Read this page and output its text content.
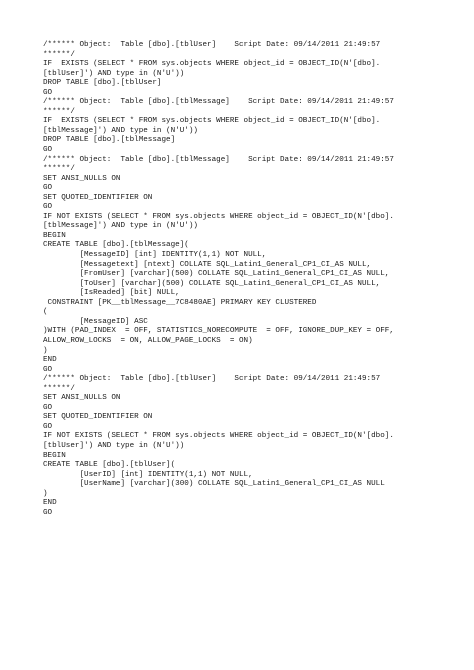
/****** Object:  Table [dbo].[tblUser]    Script Date: 09/14/2011 21:49:57
******/
IF  EXISTS (SELECT * FROM sys.objects WHERE object_id = OBJECT_ID(N'[dbo].
[tblUser]') AND type in (N'U'))
DROP TABLE [dbo].[tblUser]
GO
/****** Object:  Table [dbo].[tblMessage]    Script Date: 09/14/2011 21:49:57
******/
IF  EXISTS (SELECT * FROM sys.objects WHERE object_id = OBJECT_ID(N'[dbo].
[tblMessage]') AND type in (N'U'))
DROP TABLE [dbo].[tblMessage]
GO
/****** Object:  Table [dbo].[tblMessage]    Script Date: 09/14/2011 21:49:57
******/
SET ANSI_NULLS ON
GO
SET QUOTED_IDENTIFIER ON
GO
IF NOT EXISTS (SELECT * FROM sys.objects WHERE object_id = OBJECT_ID(N'[dbo].
[tblMessage]') AND type in (N'U'))
BEGIN
CREATE TABLE [dbo].[tblMessage](
[MessageID] [int] IDENTITY(1,1) NOT NULL,
[Messagetext] [ntext] COLLATE SQL_Latin1_General_CP1_CI_AS NULL,
[FromUser] [varchar](500) COLLATE SQL_Latin1_General_CP1_CI_AS NULL,
[ToUser] [varchar](500) COLLATE SQL_Latin1_General_CP1_CI_AS NULL,
[IsReaded] [bit] NULL,
CONSTRAINT [PK__tblMessage__7C8480AE] PRIMARY KEY CLUSTERED
(
[MessageID] ASC
)WITH (PAD_INDEX  = OFF, STATISTICS_NORECOMPUTE  = OFF, IGNORE_DUP_KEY = OFF,
ALLOW_ROW_LOCKS  = ON, ALLOW_PAGE_LOCKS  = ON)
)
END
GO
/****** Object:  Table [dbo].[tblUser]    Script Date: 09/14/2011 21:49:57
******/
SET ANSI_NULLS ON
GO
SET QUOTED_IDENTIFIER ON
GO
IF NOT EXISTS (SELECT * FROM sys.objects WHERE object_id = OBJECT_ID(N'[dbo].
[tblUser]') AND type in (N'U'))
BEGIN
CREATE TABLE [dbo].[tblUser](
[UserID] [int] IDENTITY(1,1) NOT NULL,
[UserName] [varchar](300) COLLATE SQL_Latin1_General_CP1_CI_AS NULL
)
END
GO
